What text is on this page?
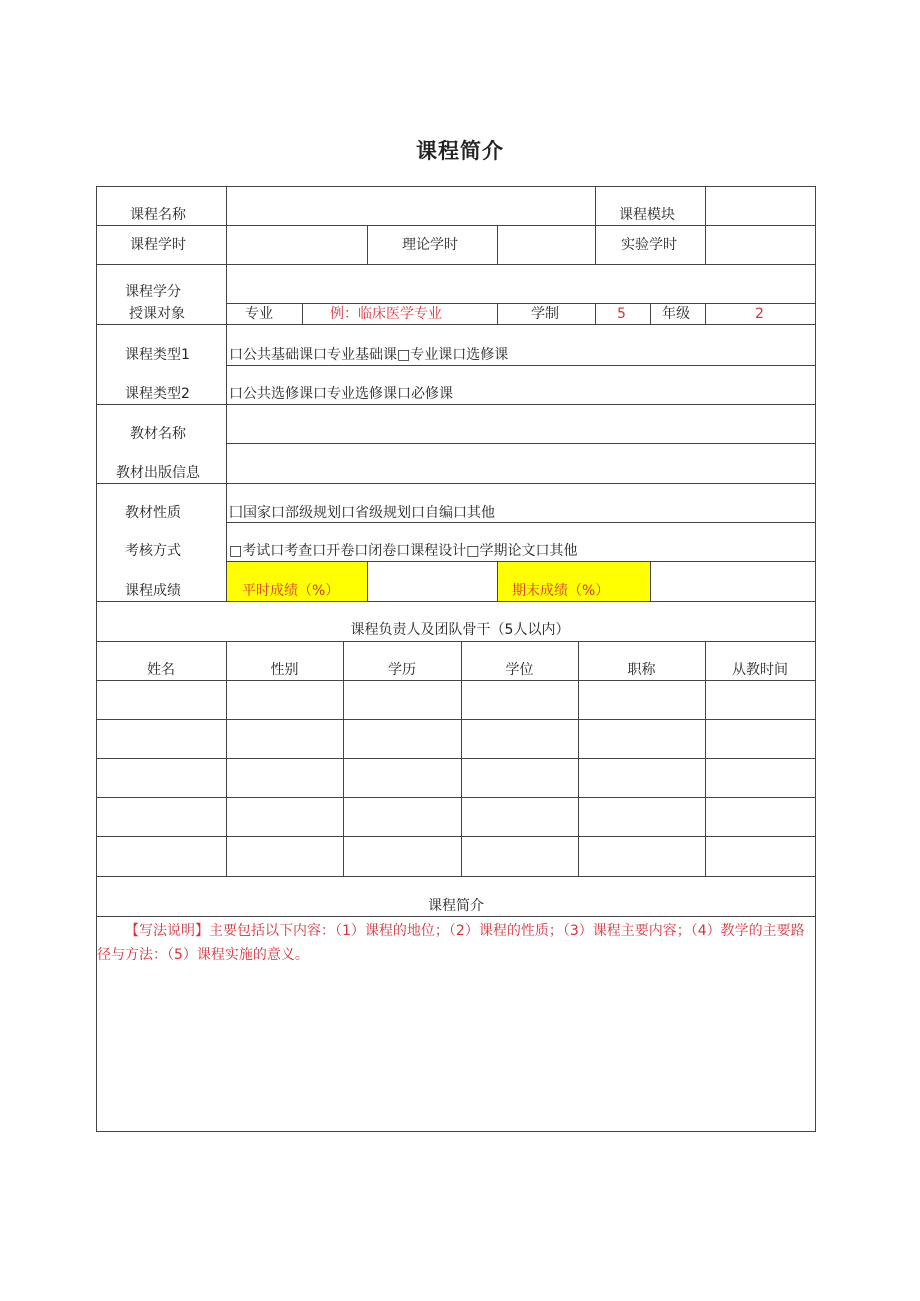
课程简介
课程名称	课程模块
课程学时	理论学时	实验学时
课程学分
授课对象	专业	例：临床医学专业	学制	5	年级	2
课程类型1	口公共基础课口专业基础课□专业课口选修课
课程类型2	口公共选修课口专业选修课口必修课
教材名称
教材出版信息
教材性质	囗国家口部级规划口省级规划口自编口其他
考核方式	□考试口考查口开卷口闭卷口课程设计□学期论文口其他
课程成绩	平时成绩（%）	期末成绩（%）
课程负责人及团队骨干（5人以内）
姓名	性别	学历	学位	职称	从教时间
课程简介
【写法说明】主要包括以下内容：（1）课程的地位；（2）课程的性质；（3）课程主要内容；（4）教学的主要路径与方法：（5）课程实施的意义。
